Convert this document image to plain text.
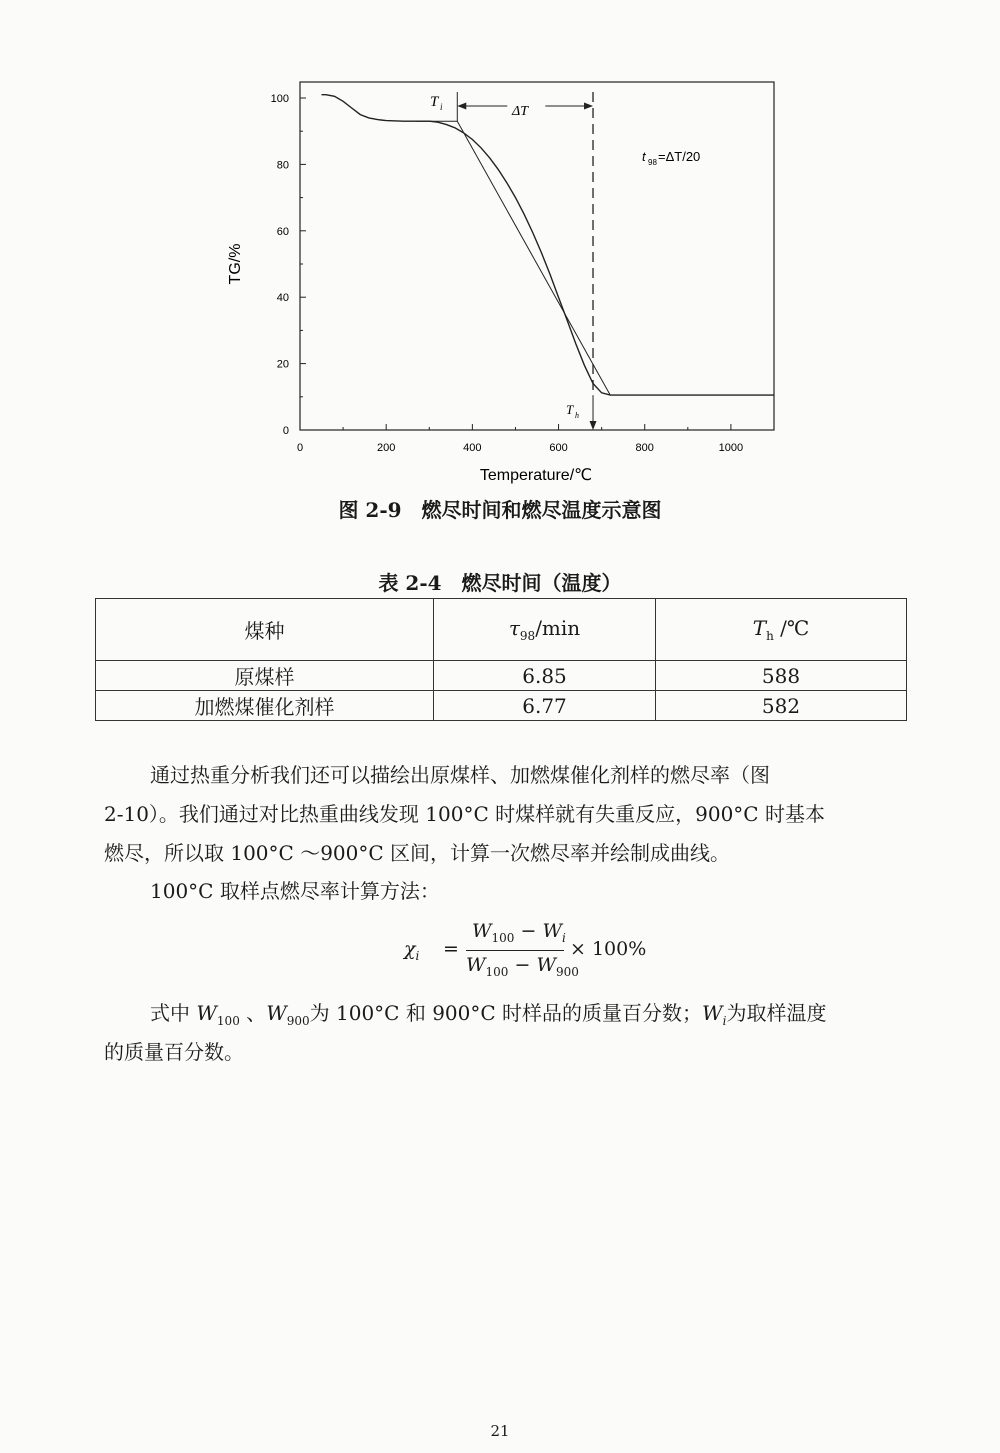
0	200	400	600	800	1000
0
20
40
60
80
100	T i	ΔT
t 98 =ΔT/20
T h
Temperature/℃
TG/%
图 2-9　燃尽时间和燃尽温度示意图
表 2-4　燃尽时间（温度）
煤种	$\tau_{98}/\min$	$T_h$ /℃
原煤样	6.85	588
加燃煤催化剂样	6.77	582
通过热重分析我们还可以描绘出原煤样、加燃煤催化剂样的燃尽率（图
2-10）。我们通过对比热重曲线发现 100°C 时煤样就有失重反应，900°C 时基本
燃尽，所以取 100°C ～900°C 区间，计算一次燃尽率并绘制成曲线。
100°C 取样点燃尽率计算方法：
$\chi_i$ =
$W_{100} - W_i$
$W_{100} - W_{900}$
× 100%
式中 $W_{100}$ 、$W_{900}$为 100°C 和 900°C 时样品的质量百分数；$W_i$为取样温度
的质量百分数。
21
